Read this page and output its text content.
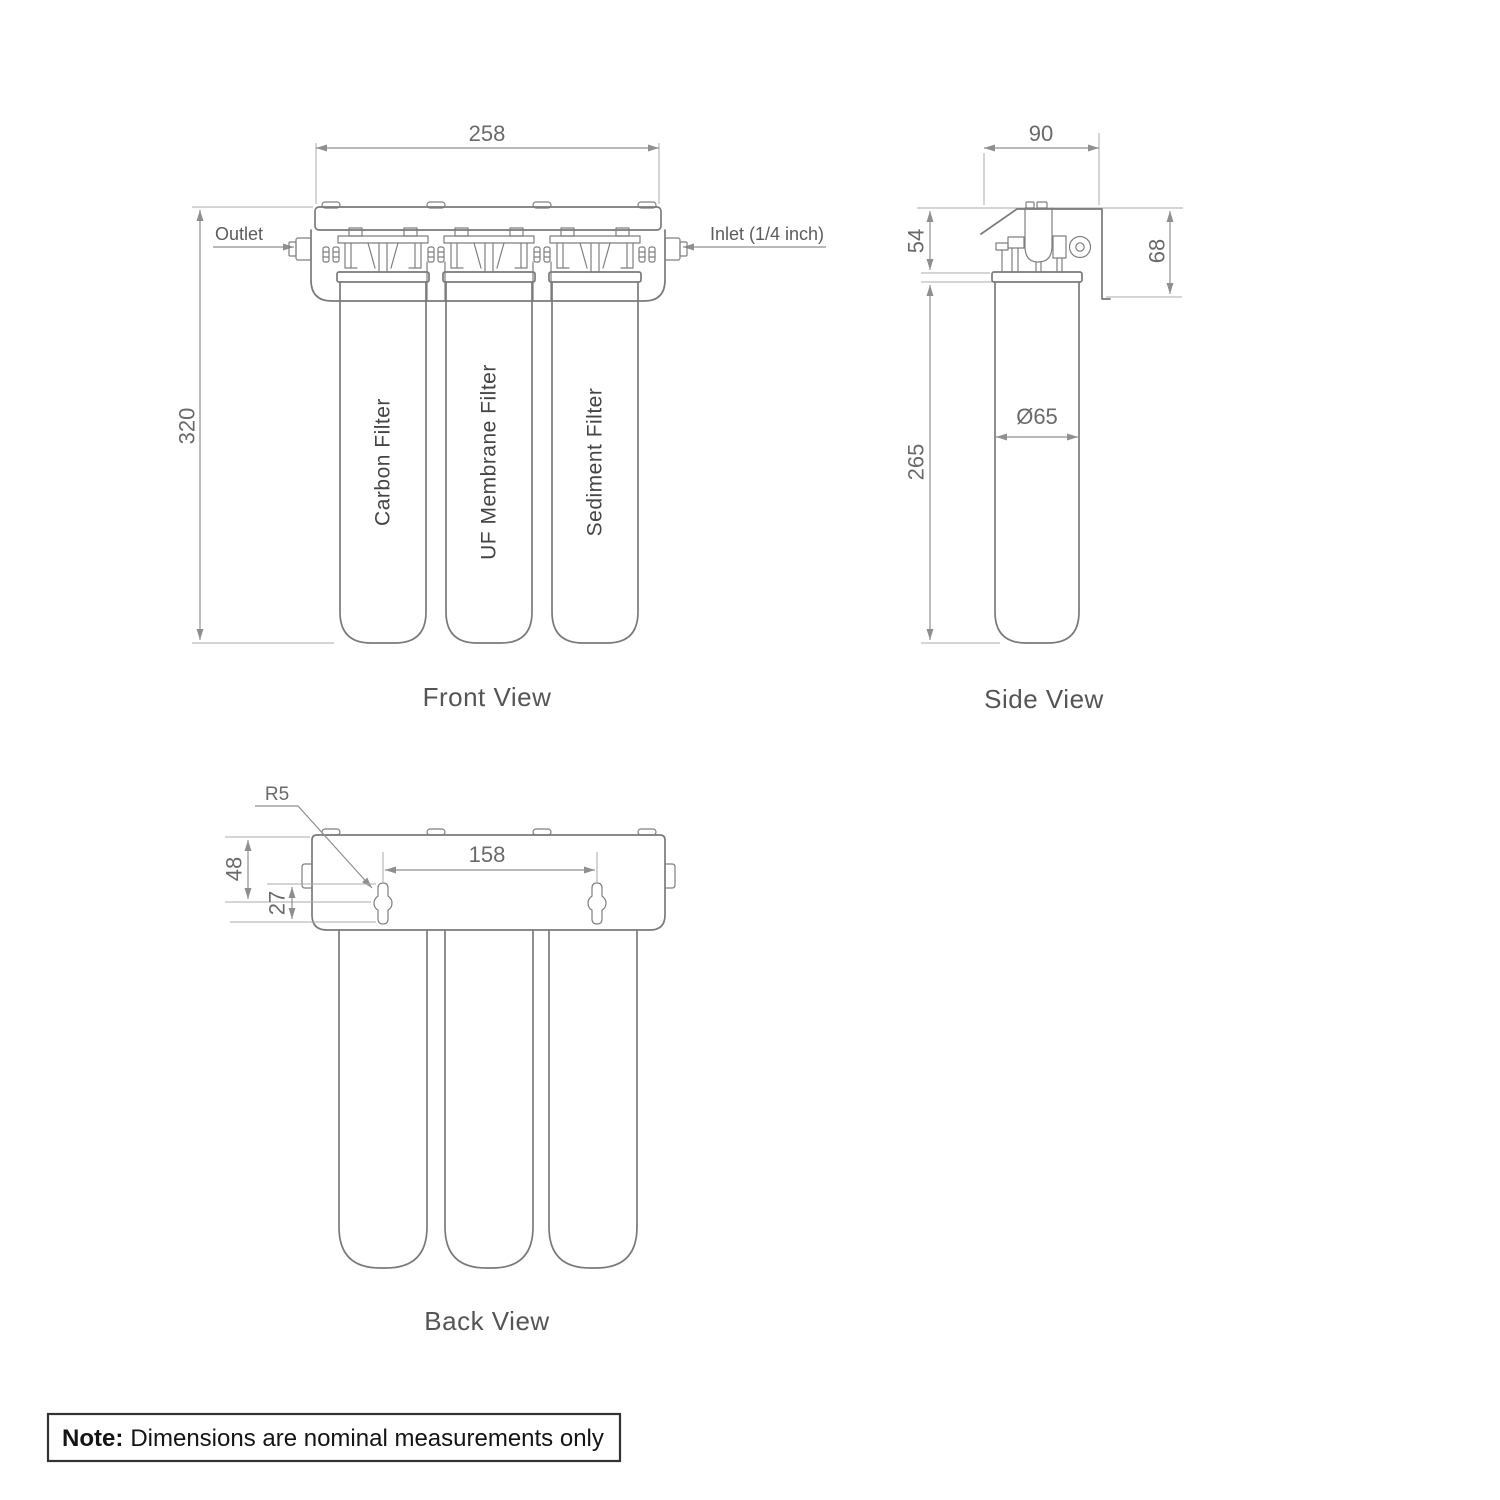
258
320
Outlet	Inlet (1/4 inch)
Carbon Filter	UF Membrane Filter	Sediment Filter
Front View
90
54	68
265
Ø65
Side View
R5
48
27
158
Back View
Note: Dimensions are nominal measurements only
